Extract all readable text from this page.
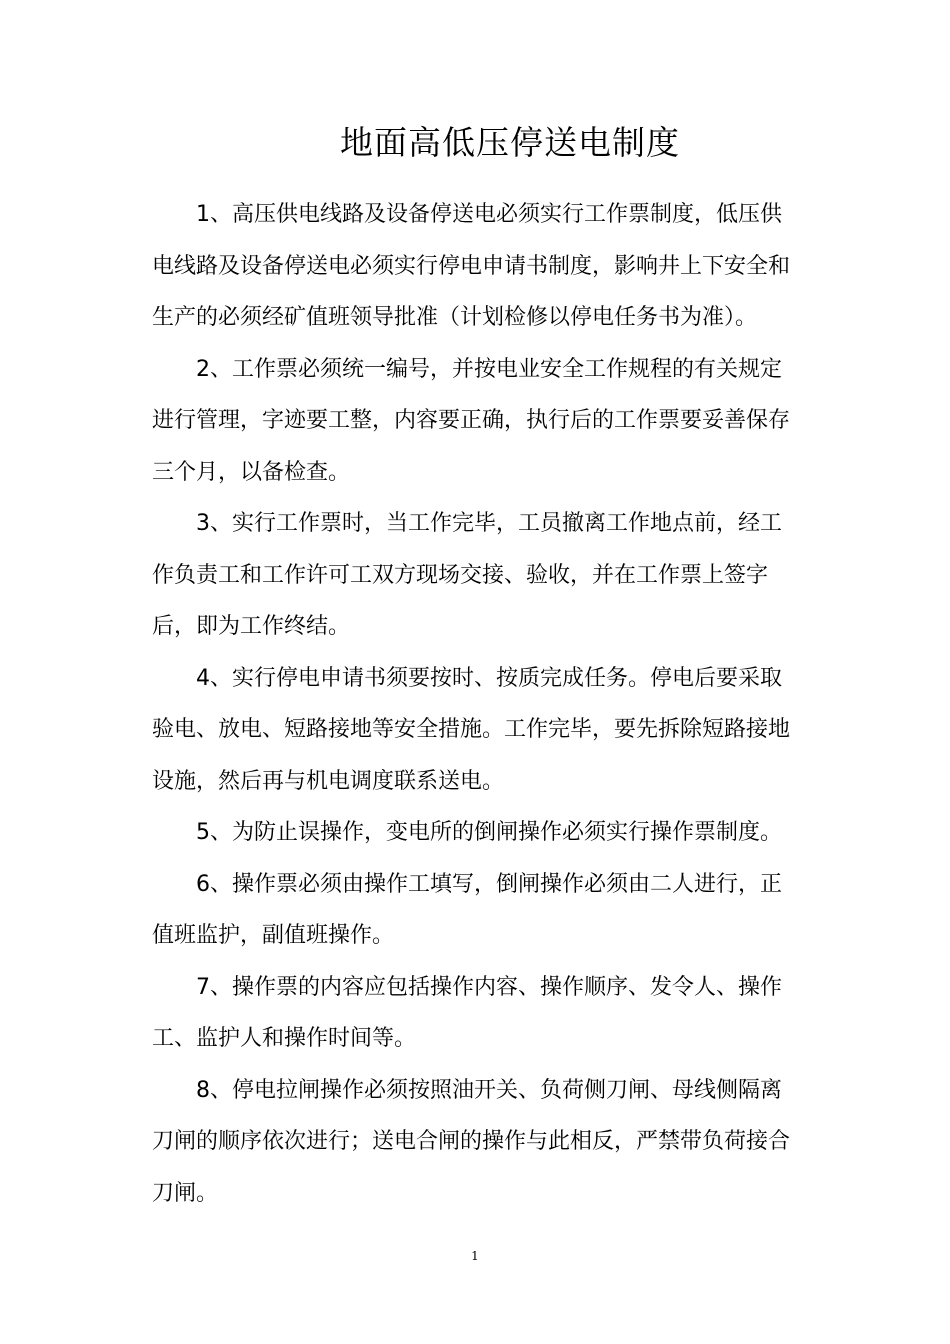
地面高低压停送电制度
1、高压供电线路及设备停送电必须实行工作票制度，低压供
电线路及设备停送电必须实行停电申请书制度，影响井上下安全和
生产的必须经矿值班领导批准（计划检修以停电任务书为准）。
2、工作票必须统一编号，并按电业安全工作规程的有关规定
进行管理，字迹要工整，内容要正确，执行后的工作票要妥善保存
三个月，以备检查。
3、实行工作票时，当工作完毕，工员撤离工作地点前，经工
作负责工和工作许可工双方现场交接、验收，并在工作票上签字
后，即为工作终结。
4、实行停电申请书须要按时、按质完成任务。停电后要采取
验电、放电、短路接地等安全措施。工作完毕，要先拆除短路接地
设施，然后再与机电调度联系送电。
5、为防止误操作，变电所的倒闸操作必须实行操作票制度。
6、操作票必须由操作工填写，倒闸操作必须由二人进行，正
值班监护，副值班操作。
7、操作票的内容应包括操作内容、操作顺序、发令人、操作
工、监护人和操作时间等。
8、停电拉闸操作必须按照油开关、负荷侧刀闸、母线侧隔离
刀闸的顺序依次进行；送电合闸的操作与此相反，严禁带负荷接合
刀闸。
1
